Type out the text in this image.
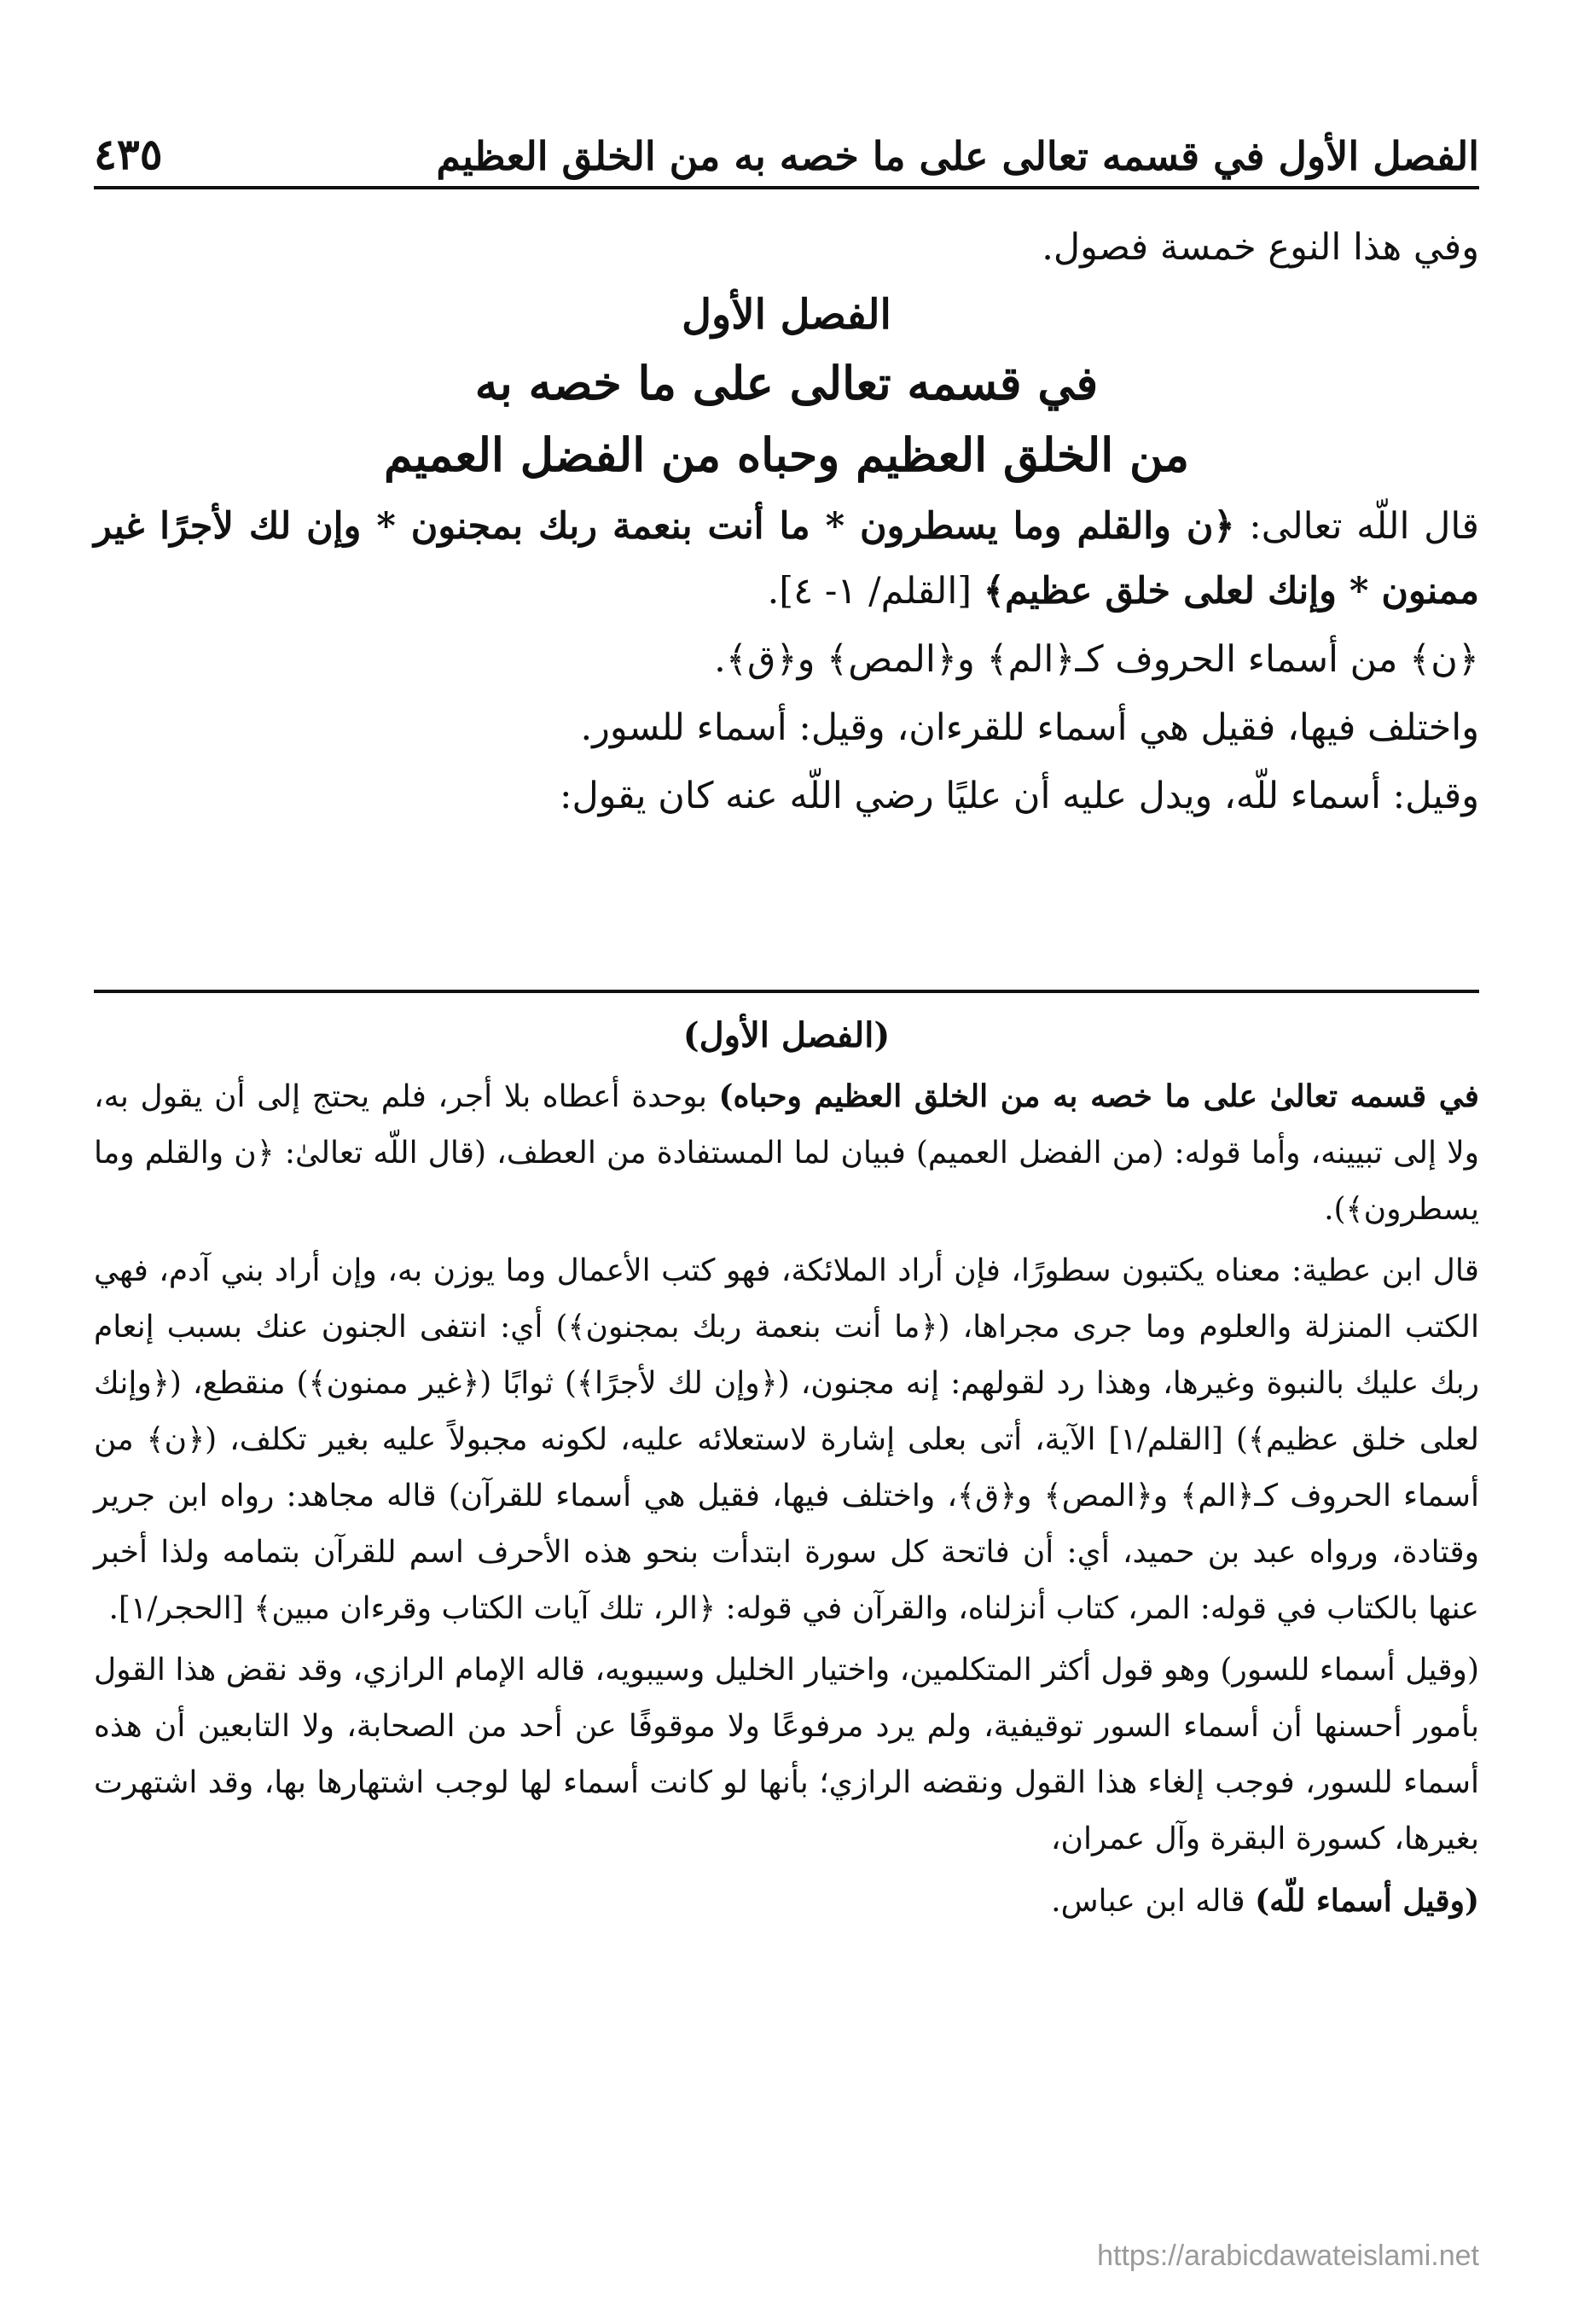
الفصل الأول في قسمه تعالى على ما خصه به من الخلق العظيم
٤٣٥

وفي هذا النوع خمسة فصول.

الفصل الأول

في قسمه تعالى على ما خصه به

من الخلق العظيم وحباه من الفضل العميم

قال اللّه تعالى: ﴿ن والقلم وما يسطرون * ما أنت بنعمة ربك بمجنون * وإن لك لأجرًا غير ممنون * وإنك لعلى خلق عظيم﴾ [القلم/ ١- ٤].

﴿ن﴾ من أسماء الحروف كـ﴿الم﴾ و﴿المص﴾ و﴿ق﴾.

واختلف فيها، فقيل هي أسماء للقرءان، وقيل: أسماء للسور.

وقيل: أسماء للّه، ويدل عليه أن عليًا رضي اللّه عنه كان يقول:

(الفصل الأول)

في قسمه تعالىٰ على ما خصه به من الخلق العظيم وحباه) بوحدة أعطاه بلا أجر، فلم يحتج إلى أن يقول به، ولا إلى تبيينه، وأما قوله: (من الفضل العميم) فبيان لما المستفادة من العطف، (قال اللّه تعالىٰ: ﴿ن والقلم وما يسطرون﴾).

قال ابن عطية: معناه يكتبون سطورًا، فإن أراد الملائكة، فهو كتب الأعمال وما يوزن به، وإن أراد بني آدم، فهي الكتب المنزلة والعلوم وما جرى مجراها، (﴿ما أنت بنعمة ربك بمجنون﴾) أي: انتفى الجنون عنك بسبب إنعام ربك عليك بالنبوة وغيرها، وهذا رد لقولهم: إنه مجنون، (﴿وإن لك لأجرًا﴾) ثوابًا (﴿غير ممنون﴾) منقطع، (﴿وإنك لعلى خلق عظيم﴾) [القلم/١] الآية، أتى بعلى إشارة لاستعلائه عليه، لكونه مجبولاً عليه بغير تكلف، (﴿ن﴾ من أسماء الحروف كـ﴿الم﴾ و﴿المص﴾ و﴿ق﴾، واختلف فيها، فقيل هي أسماء للقرآن) قاله مجاهد: رواه ابن جرير وقتادة، ورواه عبد بن حميد، أي: أن فاتحة كل سورة ابتدأت بنحو هذه الأحرف اسم للقرآن بتمامه ولذا أخبر عنها بالكتاب في قوله: المر، كتاب أنزلناه، والقرآن في قوله: ﴿الر، تلك آيات الكتاب وقرءان مبين﴾ [الحجر/١].

(وقيل أسماء للسور) وهو قول أكثر المتكلمين، واختيار الخليل وسيبويه، قاله الإمام الرازي، وقد نقض هذا القول بأمور أحسنها أن أسماء السور توقيفية، ولم يرد مرفوعًا ولا موقوفًا عن أحد من الصحابة، ولا التابعين أن هذه أسماء للسور، فوجب إلغاء هذا القول ونقضه الرازي؛ بأنها لو كانت أسماء لها لوجب اشتهارها بها، وقد اشتهرت بغيرها، كسورة البقرة وآل عمران،

(وقيل أسماء للّه) قاله ابن عباس.

https://arabicdawateislami.net
